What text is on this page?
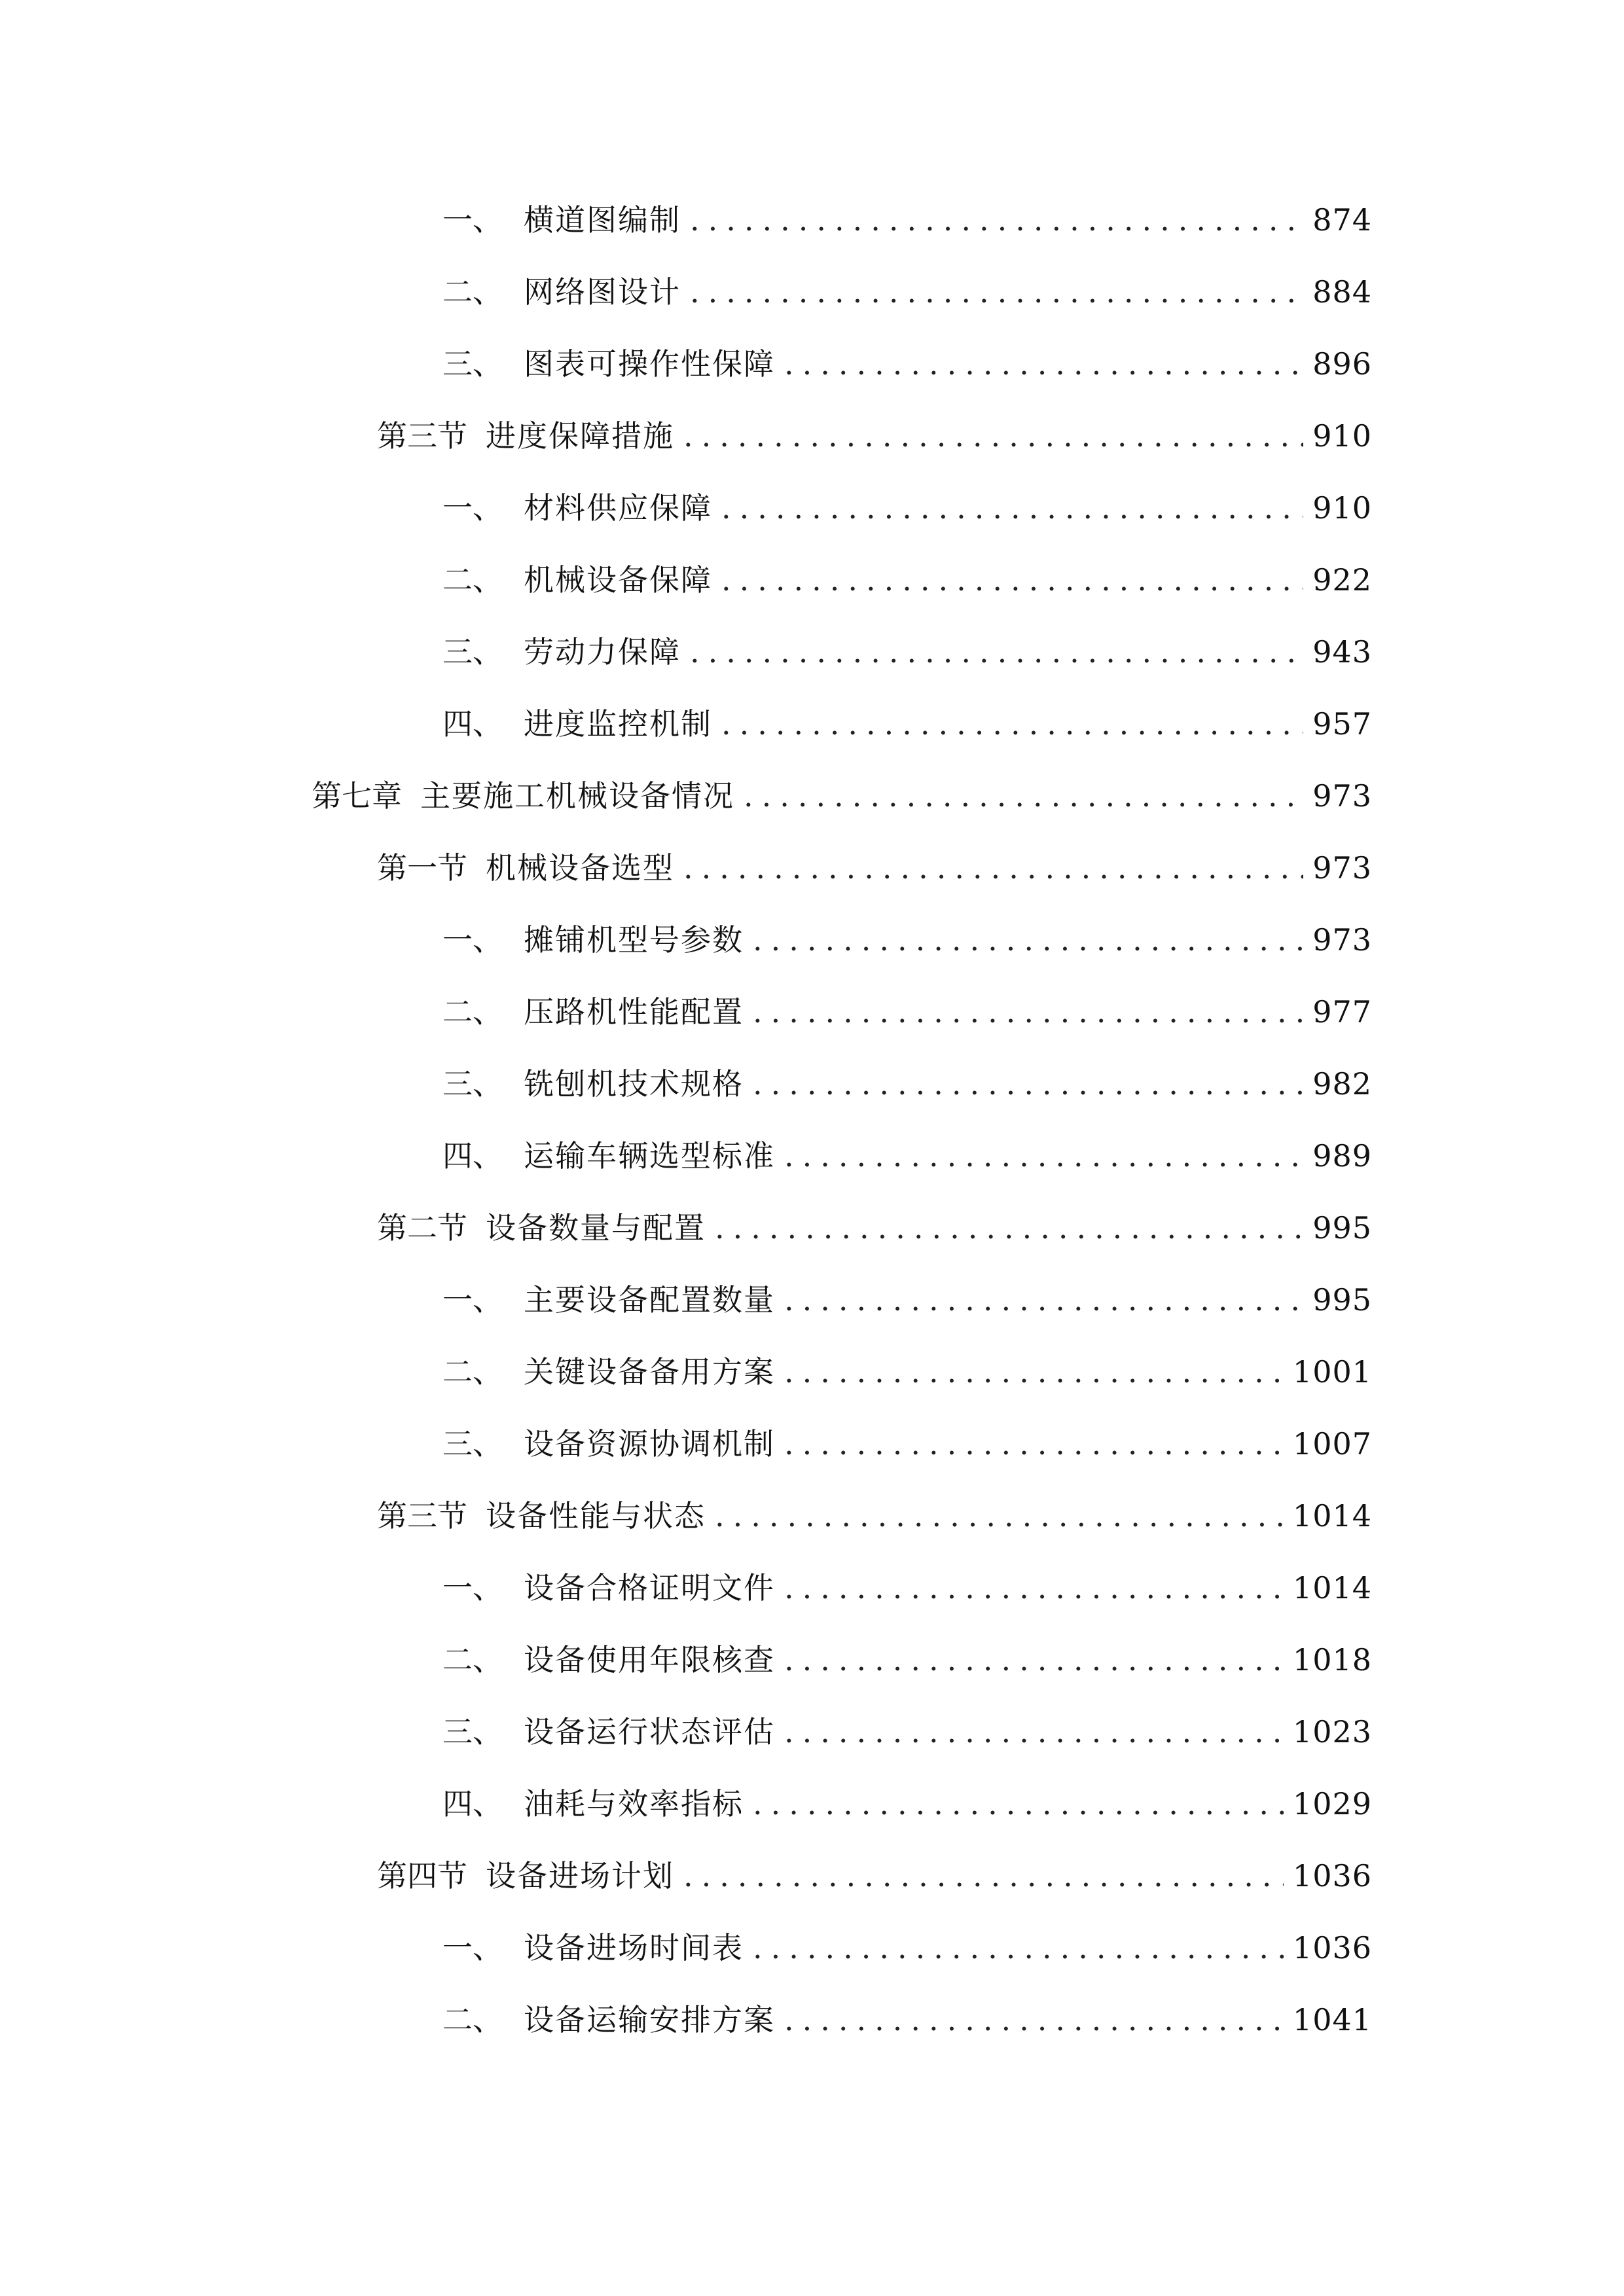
一、 横道图编制 .....	874
二、 网络图设计 .....	884
三、 图表可操作性保障 .....	896
第三节 进度保障措施 .....	910
一、 材料供应保障 .....	910
二、 机械设备保障 .....	922
三、 劳动力保障 .....	943
四、 进度监控机制 .....	957
第七章 主要施工机械设备情况 .....	973
第一节 机械设备选型 .....	973
一、 摊铺机型号参数 .....	973
二、 压路机性能配置 .....	977
三、 铣刨机技术规格 .....	982
四、 运输车辆选型标准 .....	989
第二节 设备数量与配置 .....	995
一、 主要设备配置数量 .....	995
二、 关键设备备用方案 .....	1001
三、 设备资源协调机制 .....	1007
第三节 设备性能与状态 .....	1014
一、 设备合格证明文件 .....	1014
二、 设备使用年限核查 .....	1018
三、 设备运行状态评估 .....	1023
四、 油耗与效率指标 .....	1029
第四节 设备进场计划 .....	1036
一、 设备进场时间表 .....	1036
二、 设备运输安排方案 .....	1041
